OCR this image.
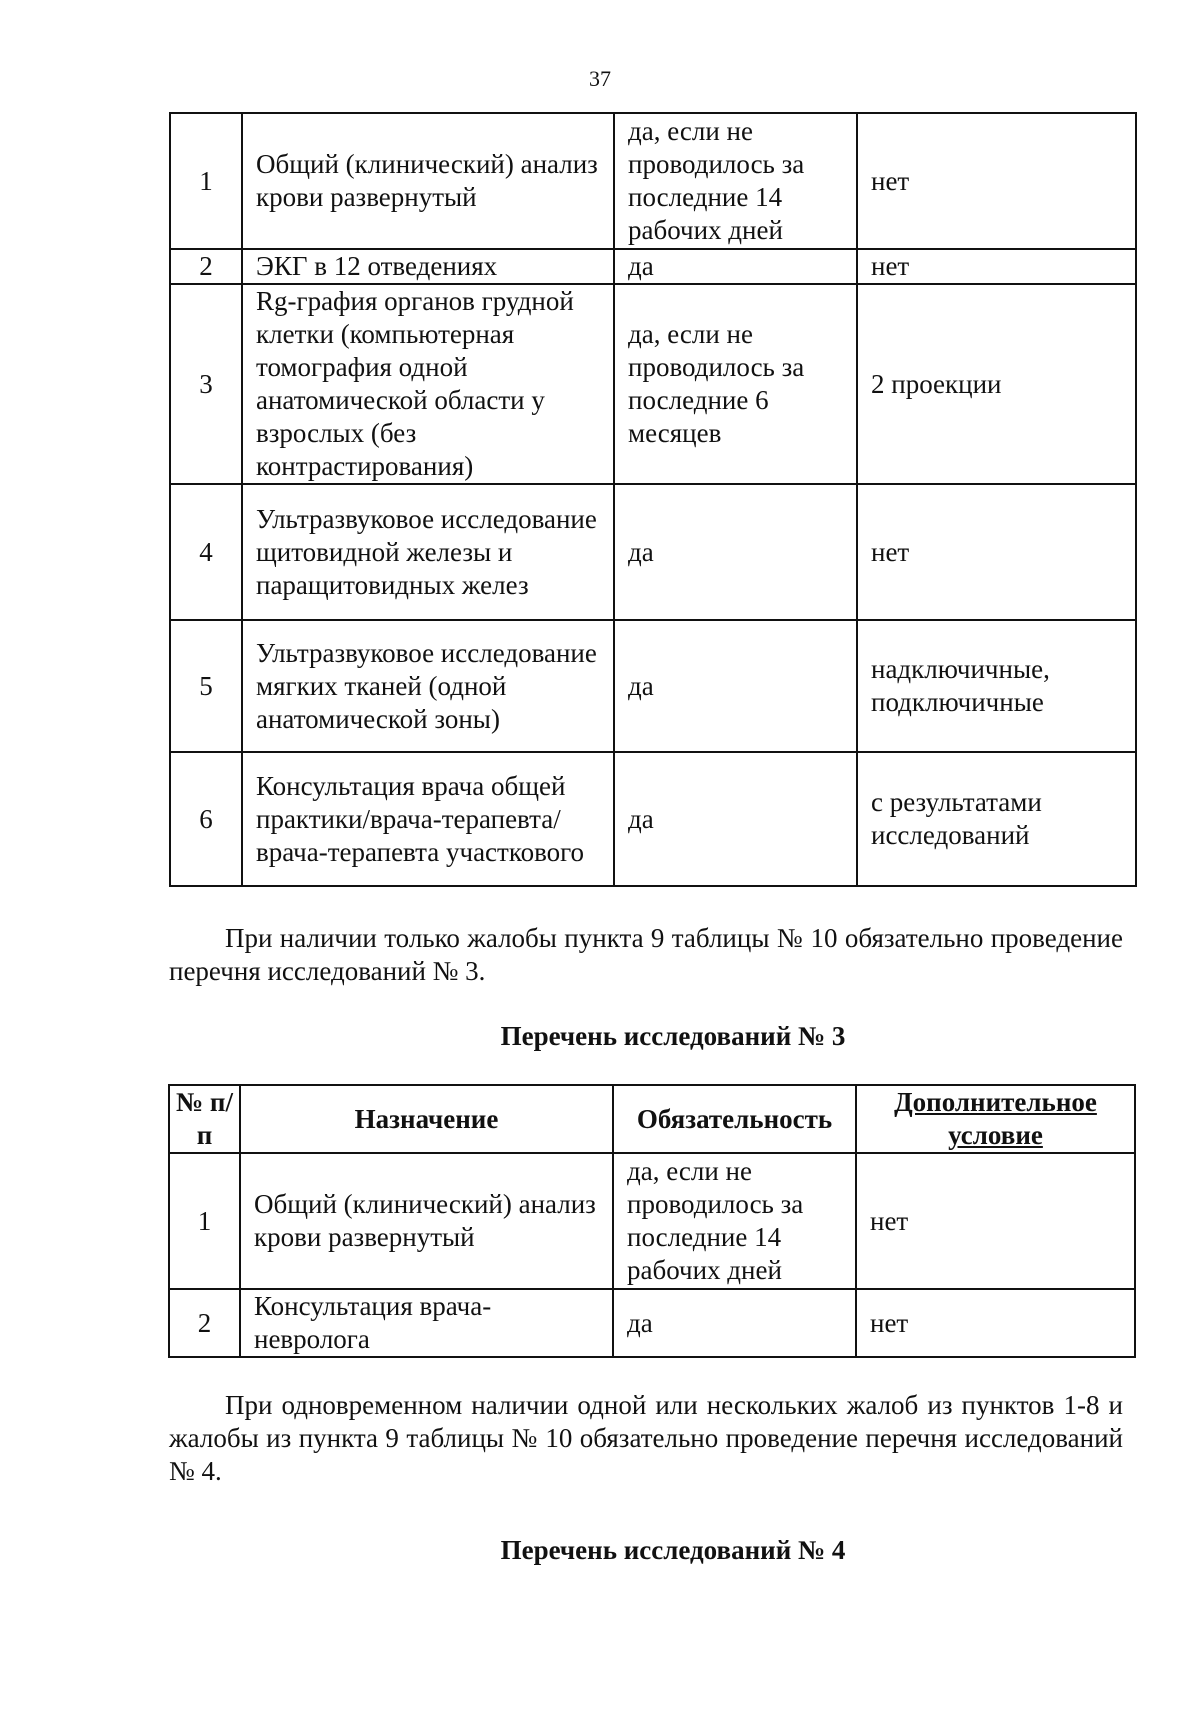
37
1	Общий (клинический) анализ крови развернутый	да, если не проводилось за последние 14 рабочих дней	нет
2	ЭКГ в 12 отведениях	да	нет
3	Rg-графия органов грудной клетки (компьютерная томография одной анатомической области у взрослых (без контрастирования)	да, если не проводилось за последние 6 месяцев	2 проекции
4	Ультразвуковое исследование щитовидной железы и паращитовидных желез	да	нет
5	Ультразвуковое исследование мягких тканей (одной анатомической зоны)	да	надключичные, подключичные
6	Консультация врача общей практики/врача-терапевта/врача-терапевта участкового	да	с результатами исследований
При наличии только жалобы пункта 9 таблицы № 10 обязательно проведение перечня исследований № 3.
Перечень исследований № 3
№ п/п	Назначение	Обязательность	Дополнительное условие
1	Общий (клинический) анализ крови развернутый	да, если не проводилось за последние 14 рабочих дней	нет
2	Консультация врача-невролога	да	нет
При одновременном наличии одной или нескольких жалоб из пунктов 1-8 и жалобы из пункта 9 таблицы № 10 обязательно проведение перечня исследований № 4.
Перечень исследований № 4
